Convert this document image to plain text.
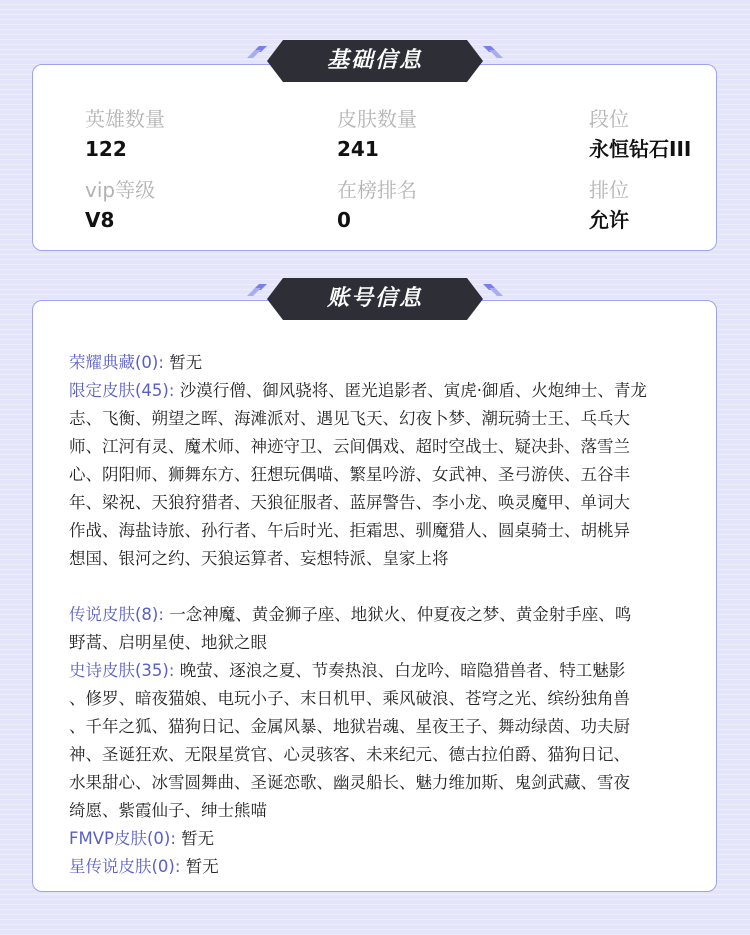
英雄数量
122
皮肤数量
241
段位
永恒钻石III
vip等级
V8
在榜排名
0
排位
允许
基础信息
荣耀典藏(0): 暂无
限定皮肤(45): 沙漠行僧、御风骁将、匿光追影者、寅虎·御盾、火炮绅士、青龙
志、飞衡、朔望之晖、海滩派对、遇见飞天、幻夜卜梦、潮玩骑士王、乓乓大
师、江河有灵、魔术师、神迹守卫、云间偶戏、超时空战士、疑决卦、落雪兰
心、阴阳师、狮舞东方、狂想玩偶喵、繁星吟游、女武神、圣弓游侠、五谷丰
年、梁祝、天狼狩猎者、天狼征服者、蓝屏警告、李小龙、唤灵魔甲、单词大
作战、海盐诗旅、孙行者、午后时光、拒霜思、驯魔猎人、圆桌骑士、胡桃异
想国、银河之约、天狼运算者、妄想特派、皇家上将
传说皮肤(8): 一念神魔、黄金狮子座、地狱火、仲夏夜之梦、黄金射手座、鸣
野蒿、启明星使、地狱之眼
史诗皮肤(35): 晚萤、逐浪之夏、节奏热浪、白龙吟、暗隐猎兽者、特工魅影
、修罗、暗夜猫娘、电玩小子、末日机甲、乘风破浪、苍穹之光、缤纷独角兽
、千年之狐、猫狗日记、金属风暴、地狱岩魂、星夜王子、舞动绿茵、功夫厨
神、圣诞狂欢、无限星赏官、心灵骇客、未来纪元、德古拉伯爵、猫狗日记、
水果甜心、冰雪圆舞曲、圣诞恋歌、幽灵船长、魅力维加斯、鬼剑武藏、雪夜
绮愿、紫霞仙子、绅士熊喵
FMVP皮肤(0): 暂无
星传说皮肤(0): 暂无
账号信息
